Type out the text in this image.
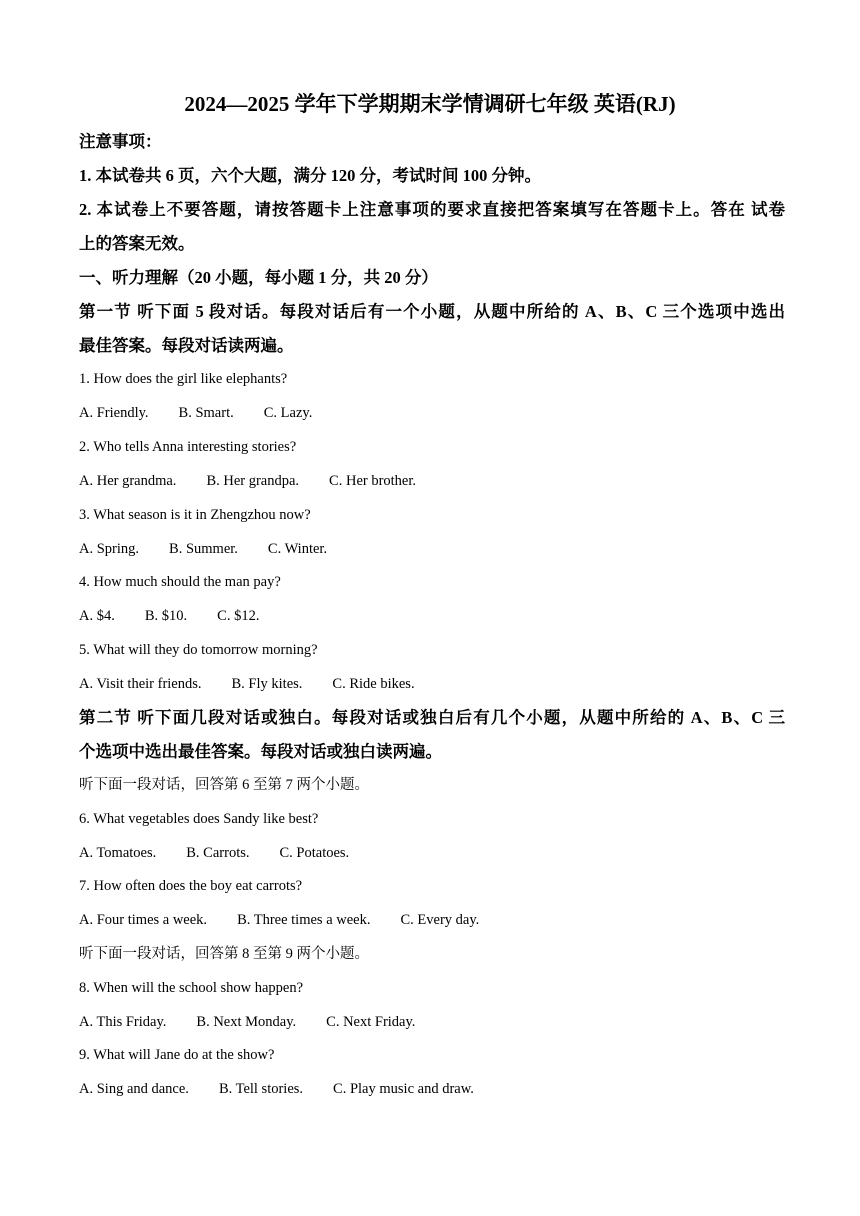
2024—2025 学年下学期期末学情调研七年级 英语(RJ)
注意事项：
1. 本试卷共 6 页，六个大题，满分 120 分，考试时间 100 分钟。
2. 本试卷上不要答题，请按答题卡上注意事项的要求直接把答案填写在答题卡上。答在 试卷
上的答案无效。
一、听力理解（20 小题，每小题 1 分，共 20 分）
第一节 听下面 5 段对话。每段对话后有一个小题，从题中所给的 A、B、C 三个选项中选出
最佳答案。每段对话读两遍。
1. How does the girl like elephants?
A. Friendly. B. Smart. C. Lazy.
2. Who tells Anna interesting stories?
A. Her grandma. B. Her grandpa. C. Her brother.
3. What season is it in Zhengzhou now?
A. Spring. B. Summer. C. Winter.
4. How much should the man pay?
A. $4. B. $10. C. $12.
5. What will they do tomorrow morning?
A. Visit their friends. B. Fly kites. C. Ride bikes.
第二节 听下面几段对话或独白。每段对话或独白后有几个小题，从题中所给的 A、B、C 三
个选项中选出最佳答案。每段对话或独白读两遍。
听下面一段对话，回答第 6 至第 7 两个小题。
6. What vegetables does Sandy like best?
A. Tomatoes. B. Carrots. C. Potatoes.
7. How often does the boy eat carrots?
A. Four times a week. B. Three times a week. C. Every day.
听下面一段对话，回答第 8 至第 9 两个小题。
8. When will the school show happen?
A. This Friday. B. Next Monday. C. Next Friday.
9. What will Jane do at the show?
A. Sing and dance. B. Tell stories. C. Play music and draw.
